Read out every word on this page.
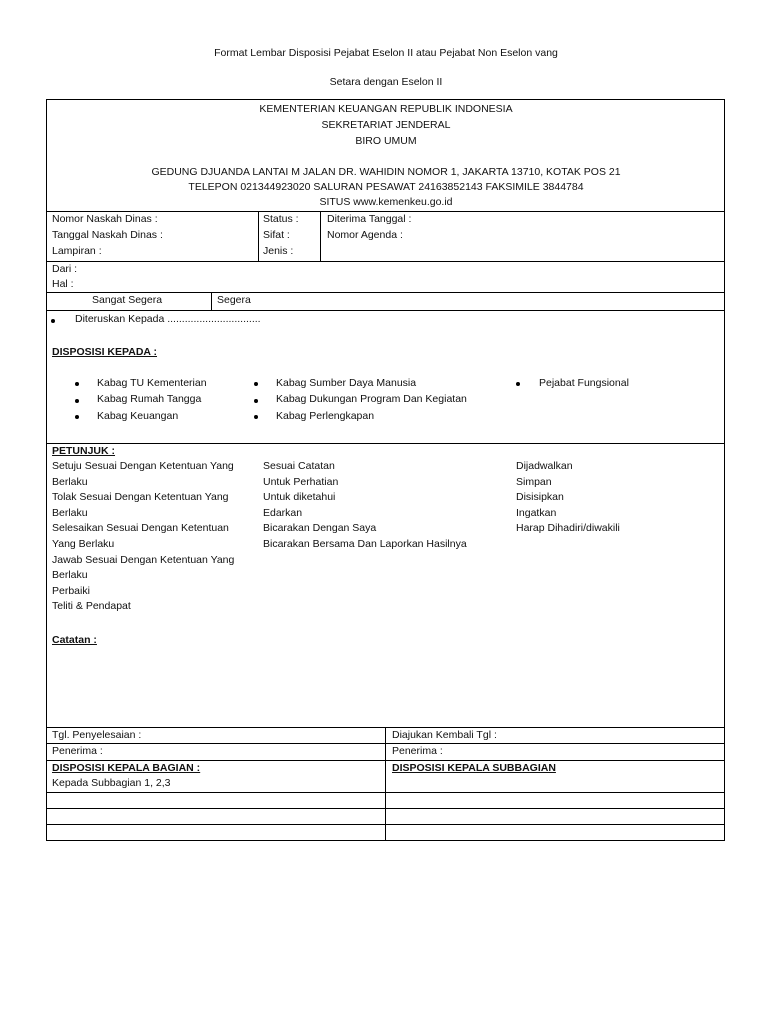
Format Lembar Disposisi Pejabat Eselon II atau Pejabat Non Eselon vang
Setara dengan Eselon II
KEMENTERIAN KEUANGAN REPUBLIK INDONESIA
SEKRETARIAT JENDERAL
BIRO UMUM
GEDUNG DJUANDA LANTAI M JALAN DR. WAHIDIN NOMOR 1, JAKARTA 13710, KOTAK POS 21
TELEPON 021344923020 SALURAN PESAWAT 24163852143 FAKSIMILE 3844784
SITUS www.kemenkeu.go.id
Nomor Naskah Dinas :
Tanggal Naskah Dinas :
Lampiran :
Status :
Sifat :
Jenis :
Diterima Tanggal :
Nomor Agenda :
Dari :
Hal :
Sangat Segera	Segera
Diteruskan Kepada ................................
DISPOSISI KEPADA :
Kabag TU Kementerian
Kabag Rumah Tangga
Kabag Keuangan
Kabag Sumber Daya Manusia
Kabag Dukungan Program Dan Kegiatan
Kabag Perlengkapan
Pejabat Fungsional
PETUNJUK :
Setuju Sesuai Dengan Ketentuan Yang
Berlaku
Tolak Sesuai Dengan Ketentuan Yang
Berlaku
Selesaikan Sesuai Dengan Ketentuan
Yang Berlaku
Jawab Sesuai Dengan Ketentuan Yang
Berlaku
Perbaiki
Teliti & Pendapat
Sesuai Catatan
Untuk Perhatian
Untuk diketahui
Edarkan
Bicarakan Dengan Saya
Bicarakan Bersama Dan Laporkan Hasilnya
Dijadwalkan
Simpan
Disisipkan
Ingatkan
Harap Dihadiri/diwakili
Catatan :
Tgl. Penyelesaian :	Diajukan Kembali Tgl :
Penerima :	Penerima :
DISPOSISI KEPALA BAGIAN :	DISPOSISI KEPALA SUBBAGIAN
Kepada Subbagian 1, 2,3
